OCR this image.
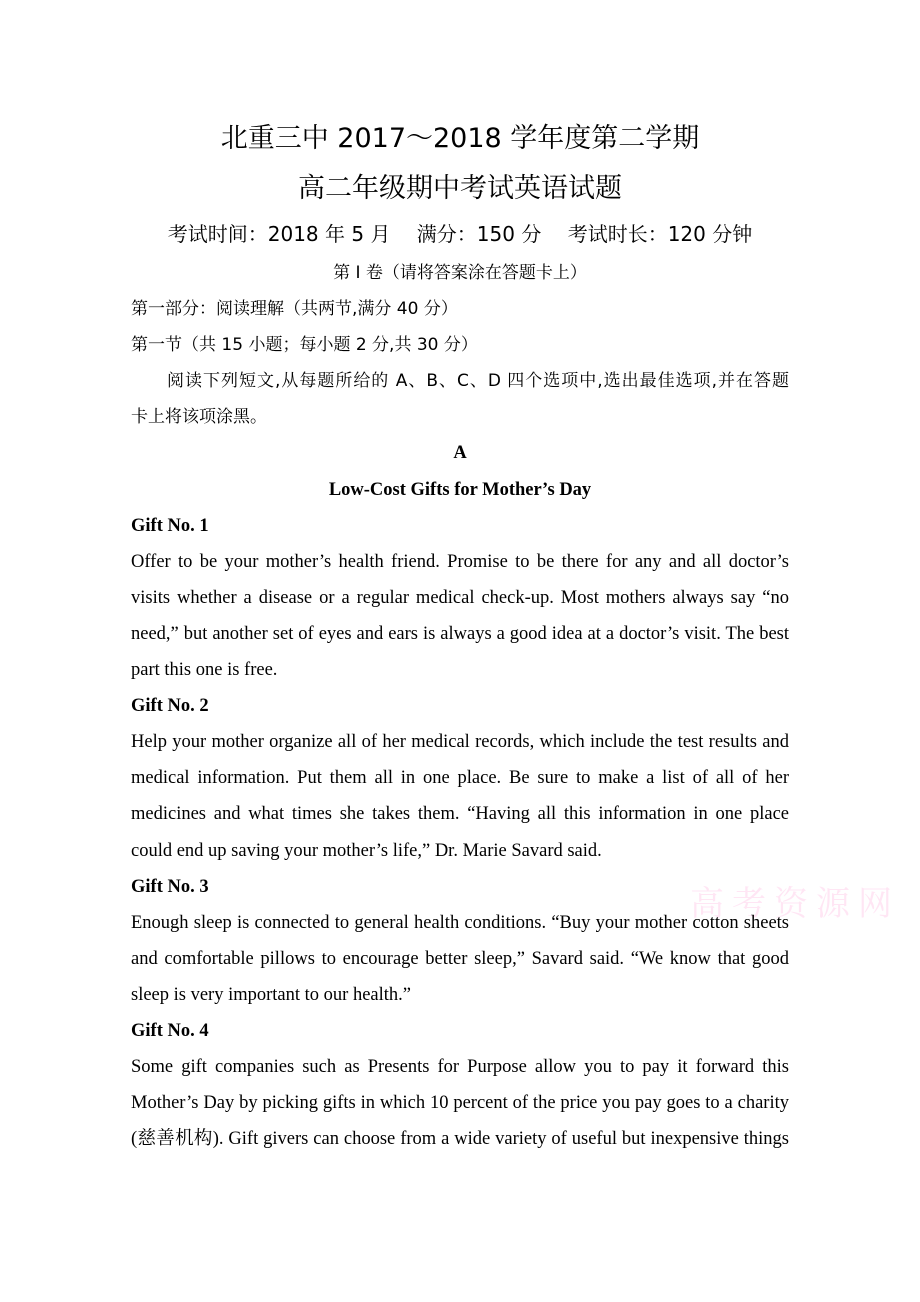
北重三中 2017～2018 学年度第二学期
高二年级期中考试英语试题
考试时间：2018 年 5 月　 满分：150 分　 考试时长：120 分钟
高考资源网
第 I 卷（请将答案涂在答题卡上）
第一部分：阅读理解（共两节,满分 40 分）
第一节（共 15 小题；每小题 2 分,共 30 分）
阅读下列短文,从每题所给的 A、B、C、D 四个选项中,选出最佳选项,并在答题
卡上将该项涂黑。
A
Low-Cost Gifts for Mother’s Day
Gift No. 1
Offer to be your mother’s health friend. Promise to be there for any and all doctor’s
visits whether a disease or a regular medical check-up. Most mothers always say “no
need,” but another set of eyes and ears is always a good idea at a doctor’s visit. The best
part this one is free.
Gift No. 2
Help your mother organize all of her medical records, which include the test results and
medical information. Put them all in one place. Be sure to make a list of all of her
medicines and what times she takes them. “Having all this information in one place
could end up saving your mother’s life,” Dr. Marie Savard said.
Gift No. 3
Enough sleep is connected to general health conditions. “Buy your mother cotton sheets
and comfortable pillows to encourage better sleep,” Savard said. “We know that good
sleep is very important to our health.”
Gift No. 4
Some gift companies such as Presents for Purpose allow you to pay it forward this
Mother’s Day by picking gifts in which 10 percent of the price you pay goes to a charity
(慈善机构). Gift givers can choose from a wide variety of useful but inexpensive things
